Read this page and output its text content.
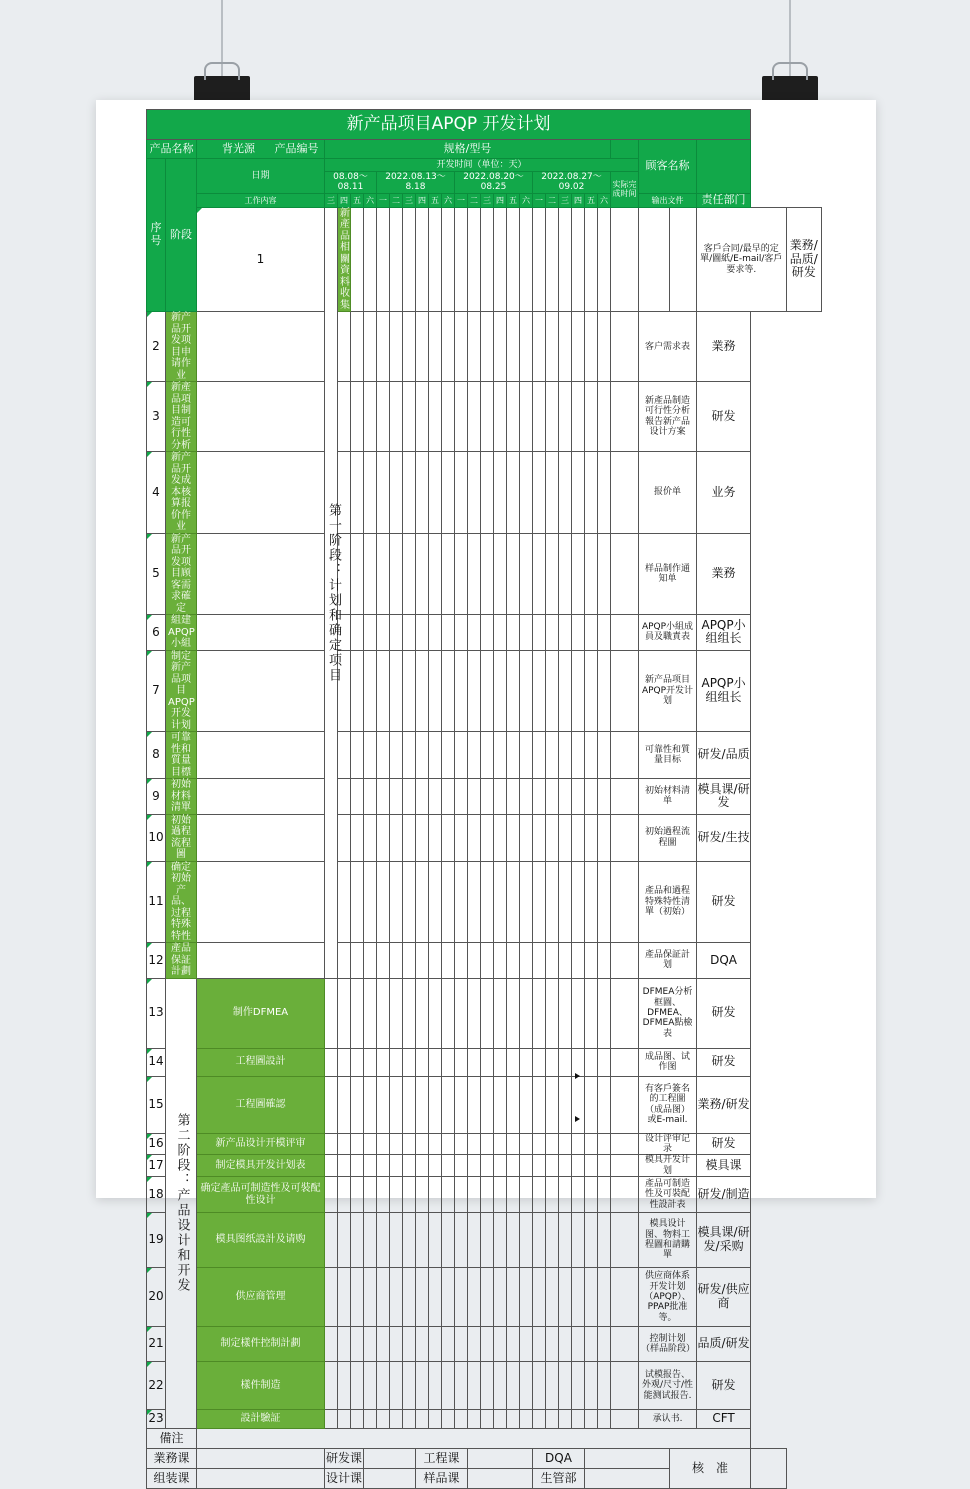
新产品项目APQP 开发计划																														
产品名称		背光源 产品编号	规格/型号																							顾客名称				
序号	阶段	日期	开发时间（单位：天）																											
			08.08～08.11				2022.08.13～8.18						2022.08.20～08.25						2022.08.27～09.02						实际完成时间					
		工作内容	三	四	五	六	一	二	三	四	五	六	一	二	三	四	五	六	一	二	三	四	五	六		输出文件		责任部门		
		1	第一阶段：计划和确定项目	新產品相關資料收集																								客戶合同/最早的定單/圖紙/E-mail/客戶要求等.		業務/品质/研发
2	新产品开发项目申请作业																									客户需求表		業務		
3	新產品項目制造可行性分析																									新產品制造可行性分析報告新产品设计方案		研发		
4	新产品开发成本核算报价作业																									报价单		业务		
5	新产品开发项目顾客需求確定																									样品制作通知单		業務		
6	組建APQP小組																									APQP小組成員及職責表		APQP小组组长		
7	制定新产品项目APQP开发计划																									新产品项目APQP开发计划		APQP小组组长		
8	可靠性和質量目標																									可靠性和質量目标		研发/品质		
9	初始材料清單																									初始材料清单		模具课/研发		
10	初始過程流程圖																									初始過程流程圖		研发/生技		
11	确定初始产品、过程特殊特性																									產品和過程特殊特性清單（初始）		研发		
12	產品保証計劃																									產品保証計划		DQA		
13	第二阶段：产品设计和开发	制作DFMEA																								DFMEA分析框圖、DFMEA、DFMEA點檢表		研发		
14		工程圖設計																								成品图、试作图		研发		
15		工程圖確認																								有客戶簽名的工程圖（成品图）或E-mail.		業務/研发		
16		新产品设计开模评审																								设计评审记录		研发		
17		制定模具开发计划表																								模具开发计划		模具课		
18		确定產品可制造性及可裝配性设计																								產品可制造性及可裝配性設計表		研发/制造		
19		模具图纸設計及请购																								模具设计图、物料工程圖和請購單		模具课/研发/采购		
20		供应商管理																								供应商体系开发计划（APQP）、PPAP批准等。		研发/供应商		
21		制定樣件控制計劃																								控制计划（样品阶段）		品质/研发		
22		樣件制造																								试模报告、外观/尺寸/性能测试报告.		研发		
23		設計驗証																								承认书.		CFT		
備注																														
業務课			研发课							工程课									DQA								核　准			
组装课			设计课							样品课									生管部											
